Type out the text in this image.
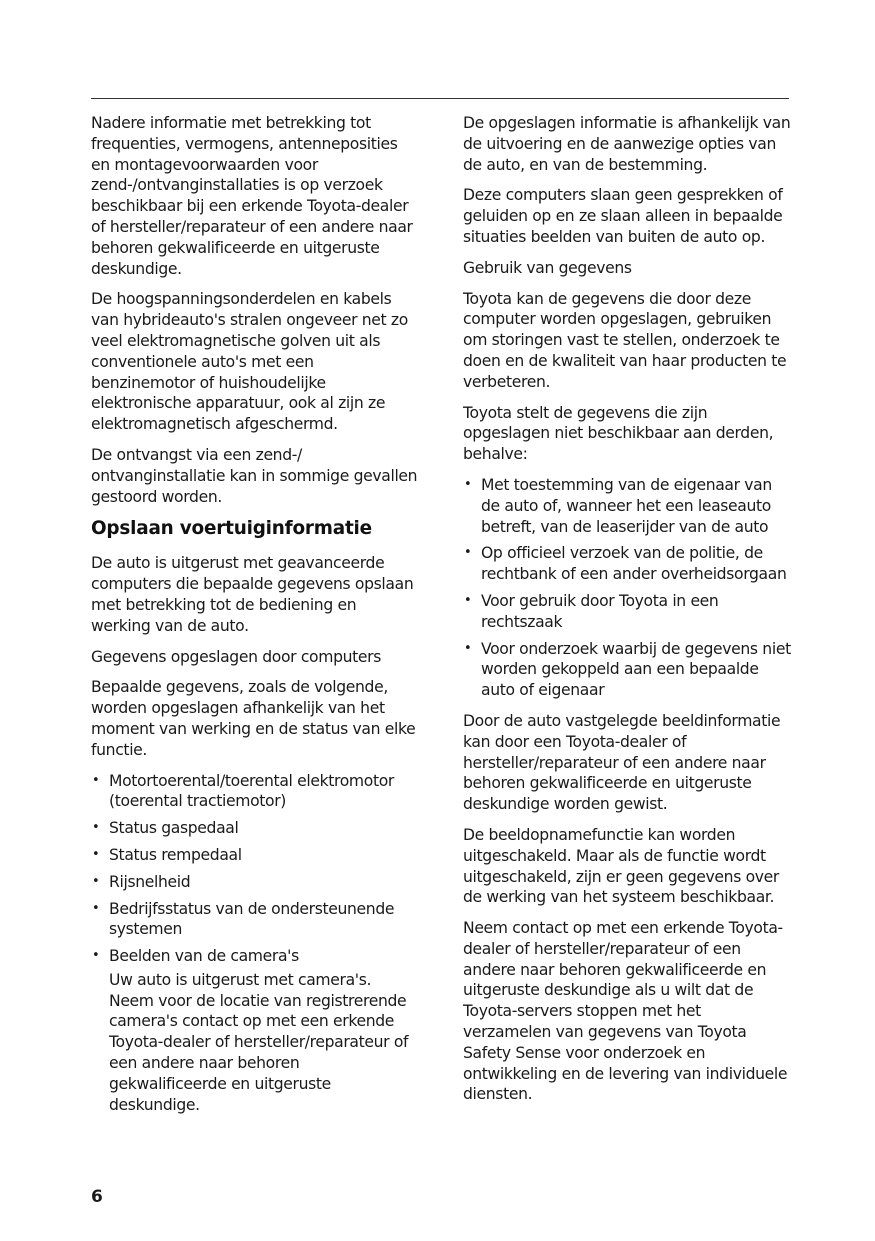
Nadere informatie met betrekking tot frequenties, vermogens, antenneposities en montagevoorwaarden voor zend-/ontvanginstallaties is op verzoek beschikbaar bij een erkende Toyota-dealer of hersteller/reparateur of een andere naar behoren gekwalificeerde en uitgeruste deskundige.

De hoogspanningsonderdelen en kabels van hybrideauto's stralen ongeveer net zo veel elektromagnetische golven uit als conventionele auto's met een benzinemotor of huishoudelijke elektronische apparatuur, ook al zijn ze elektromagnetisch afgeschermd.

De ontvangst via een zend-/ ontvanginstallatie kan in sommige gevallen gestoord worden.

Opslaan voertuiginformatie

De auto is uitgerust met geavanceerde computers die bepaalde gegevens opslaan met betrekking tot de bediening en werking van de auto.

Gegevens opgeslagen door computers

Bepaalde gegevens, zoals de volgende, worden opgeslagen afhankelijk van het moment van werking en de status van elke functie.

• Motortoerental/toerental elektromotor (toerental tractiemotor)
• Status gaspedaal
• Status rempedaal
• Rijsnelheid
• Bedrijfsstatus van de ondersteunende systemen
• Beelden van de camera's

Uw auto is uitgerust met camera's. Neem voor de locatie van registrerende camera's contact op met een erkende Toyota-dealer of hersteller/reparateur of een andere naar behoren gekwalificeerde en uitgeruste deskundige.

De opgeslagen informatie is afhankelijk van de uitvoering en de aanwezige opties van de auto, en van de bestemming.

Deze computers slaan geen gesprekken of geluiden op en ze slaan alleen in bepaalde situaties beelden van buiten de auto op.

Gebruik van gegevens

Toyota kan de gegevens die door deze computer worden opgeslagen, gebruiken om storingen vast te stellen, onderzoek te doen en de kwaliteit van haar producten te verbeteren.

Toyota stelt de gegevens die zijn opgeslagen niet beschikbaar aan derden, behalve:

• Met toestemming van de eigenaar van de auto of, wanneer het een leaseauto betreft, van de leaserijder van de auto
• Op officieel verzoek van de politie, de rechtbank of een ander overheidsorgaan
• Voor gebruik door Toyota in een rechtszaak
• Voor onderzoek waarbij de gegevens niet worden gekoppeld aan een bepaalde auto of eigenaar

Door de auto vastgelegde beeldinformatie kan door een Toyota-dealer of hersteller/reparateur of een andere naar behoren gekwalificeerde en uitgeruste deskundige worden gewist.

De beeldopnamefunctie kan worden uitgeschakeld. Maar als de functie wordt uitgeschakeld, zijn er geen gegevens over de werking van het systeem beschikbaar.

Neem contact op met een erkende Toyota-dealer of hersteller/reparateur of een andere naar behoren gekwalificeerde en uitgeruste deskundige als u wilt dat de Toyota-servers stoppen met het verzamelen van gegevens van Toyota Safety Sense voor onderzoek en ontwikkeling en de levering van individuele diensten.

6
